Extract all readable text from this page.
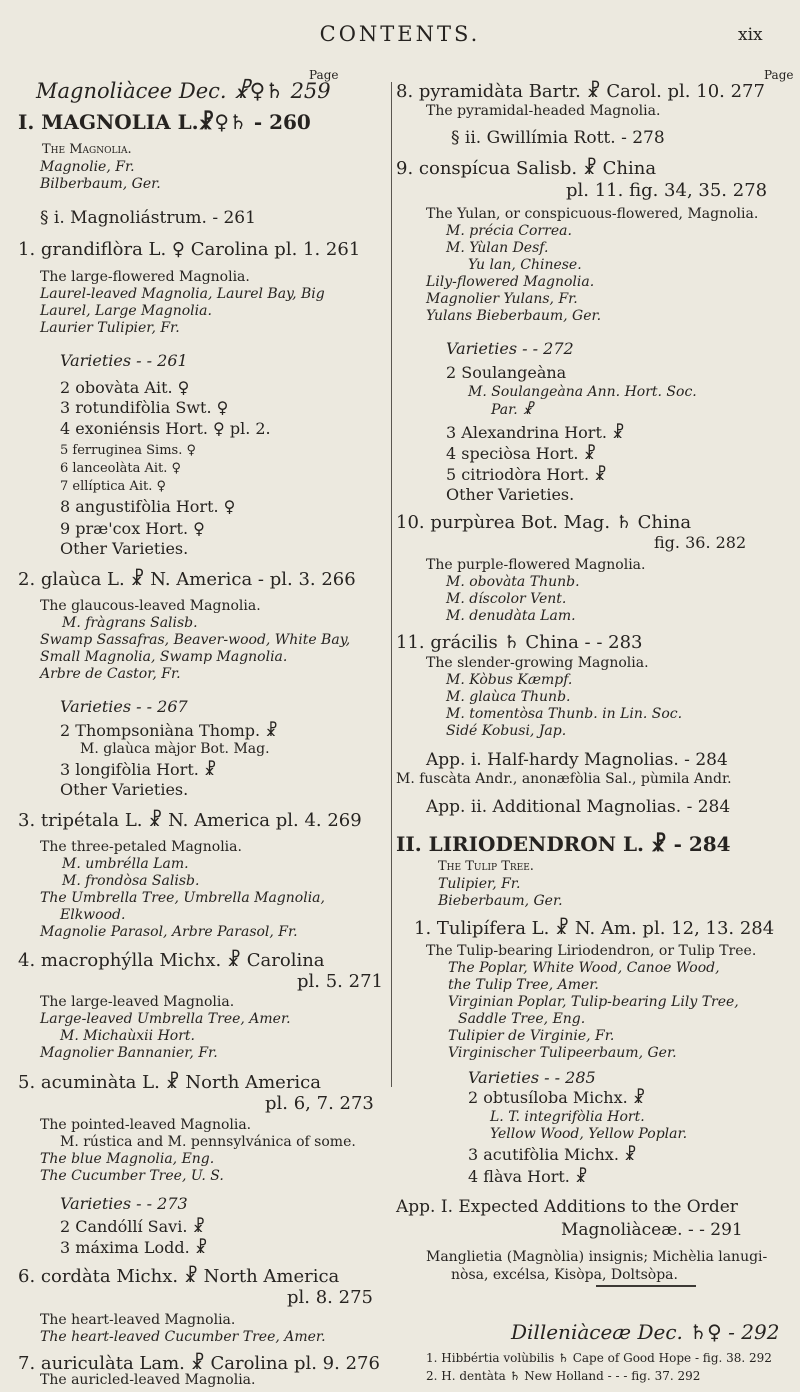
CONTENTS.	xix
Page
Magnoliàcee Dec. ☧♀♄ 259
I. MAGNOLIA L.☧♀♄ - 260
The Magnolia.
Magnolie, Fr.
Bilberbaum, Ger.
§ i. Magnoliástrum. - 261
1. grandiflòra L. ♀ Carolina pl. 1. 261
The large-flowered Magnolia.
Laurel-leaved Magnolia, Laurel Bay, Big
Laurel, Large Magnolia.
Laurier Tulipier, Fr.
Varieties - - 261
2 obovàta Ait. ♀
3 rotundifòlia Swt. ♀
4 exoniénsis Hort. ♀ pl. 2.
5 ferruginea Sims. ♀
6 lanceolàta Ait. ♀
7 ellíptica Ait. ♀
8 angustifòlia Hort. ♀
9 præ'cox Hort. ♀
Other Varieties.
2. glaùca L. ☧ N. America - pl. 3. 266
The glaucous-leaved Magnolia.
M. fràgrans Salisb.
Swamp Sassafras, Beaver-wood, White Bay,
Small Magnolia, Swamp Magnolia.
Arbre de Castor, Fr.
Varieties - - 267
2 Thompsoniàna Thomp. ☧
M. glaùca màjor Bot. Mag.
3 longifòlia Hort. ☧
Other Varieties.
3. tripétala L. ☧ N. America pl. 4. 269
The three-petaled Magnolia.
M. umbrélla Lam.
M. frondòsa Salisb.
The Umbrella Tree, Umbrella Magnolia,
Elkwood.
Magnolie Parasol, Arbre Parasol, Fr.
4. macrophýlla Michx. ☧ Carolina
pl. 5. 271
The large-leaved Magnolia.
Large-leaved Umbrella Tree, Amer.
M. Michaùxii Hort.
Magnolier Bannanier, Fr.
5. acuminàta L. ☧ North America
pl. 6, 7. 273
The pointed-leaved Magnolia.
M. rústica and M. pennsylvánica of some.
The blue Magnolia, Eng.
The Cucumber Tree, U. S.
Varieties - - 273
2 Candóllí Savi. ☧
3 máxima Lodd. ☧
6. cordàta Michx. ☧ North America
pl. 8. 275
The heart-leaved Magnolia.
The heart-leaved Cucumber Tree, Amer.
7. auriculàta Lam. ☧ Carolina pl. 9. 276
The auricled-leaved Magnolia.
Page
8. pyramidàta Bartr. ☧ Carol. pl. 10. 277
The pyramidal-headed Magnolia.
§ ii. Gwillímia Rott. - 278
9. conspícua Salisb. ☧ China
pl. 11. fig. 34, 35. 278
The Yulan, or conspicuous-flowered, Magnolia.
M. précia Correa.
M. Yùlan Desf.
Yu lan, Chinese.
Lily-flowered Magnolia.
Magnolier Yulans, Fr.
Yulans Bieberbaum, Ger.
Varieties - - 272
2 Soulangeàna
M. Soulangeàna Ann. Hort. Soc.
Par. ☧
3 Alexandrina Hort. ☧
4 speciòsa Hort. ☧
5 citriodòra Hort. ☧
Other Varieties.
10. purpùrea Bot. Mag. ♄ China
fig. 36. 282
The purple-flowered Magnolia.
M. obovàta Thunb.
M. díscolor Vent.
M. denudàta Lam.
11. grácilis ♄ China - - 283
The slender-growing Magnolia.
M. Kòbus Kæmpf.
M. glaùca Thunb.
M. tomentòsa Thunb. in Lin. Soc.
Sidé Kobusi, Jap.
App. i. Half-hardy Magnolias. - 284
M. fuscàta Andr., anonæfòlia Sal., pùmila Andr.
App. ii. Additional Magnolias. - 284
II. LIRIODENDRON L. ☧ - 284
The Tulip Tree.
Tulipier, Fr.
Bieberbaum, Ger.
1. Tulipífera L. ☧ N. Am. pl. 12, 13. 284
The Tulip-bearing Liriodendron, or Tulip Tree.
The Poplar, White Wood, Canoe Wood,
the Tulip Tree, Amer.
Virginian Poplar, Tulip-bearing Lily Tree,
Saddle Tree, Eng.
Tulipier de Virginie, Fr.
Virginischer Tulipeerbaum, Ger.
Varieties - - 285
2 obtusíloba Michx. ☧
L. T. integrifòlia Hort.
Yellow Wood, Yellow Poplar.
3 acutifòlia Michx. ☧
4 flàva Hort. ☧
App. I. Expected Additions to the Order
Magnoliàceæ. - - 291
Manglietia (Magnòlia) insignis; Michèlia lanugi-
nòsa, excélsa, Kisòpa, Doltsòpa.
Dilleniàceæ Dec. ♄♀ - 292
1. Hibbértia volùbilis ♄ Cape of Good Hope - fig. 38. 292
2. H. dentàta ♄ New Holland - - - fig. 37. 292
